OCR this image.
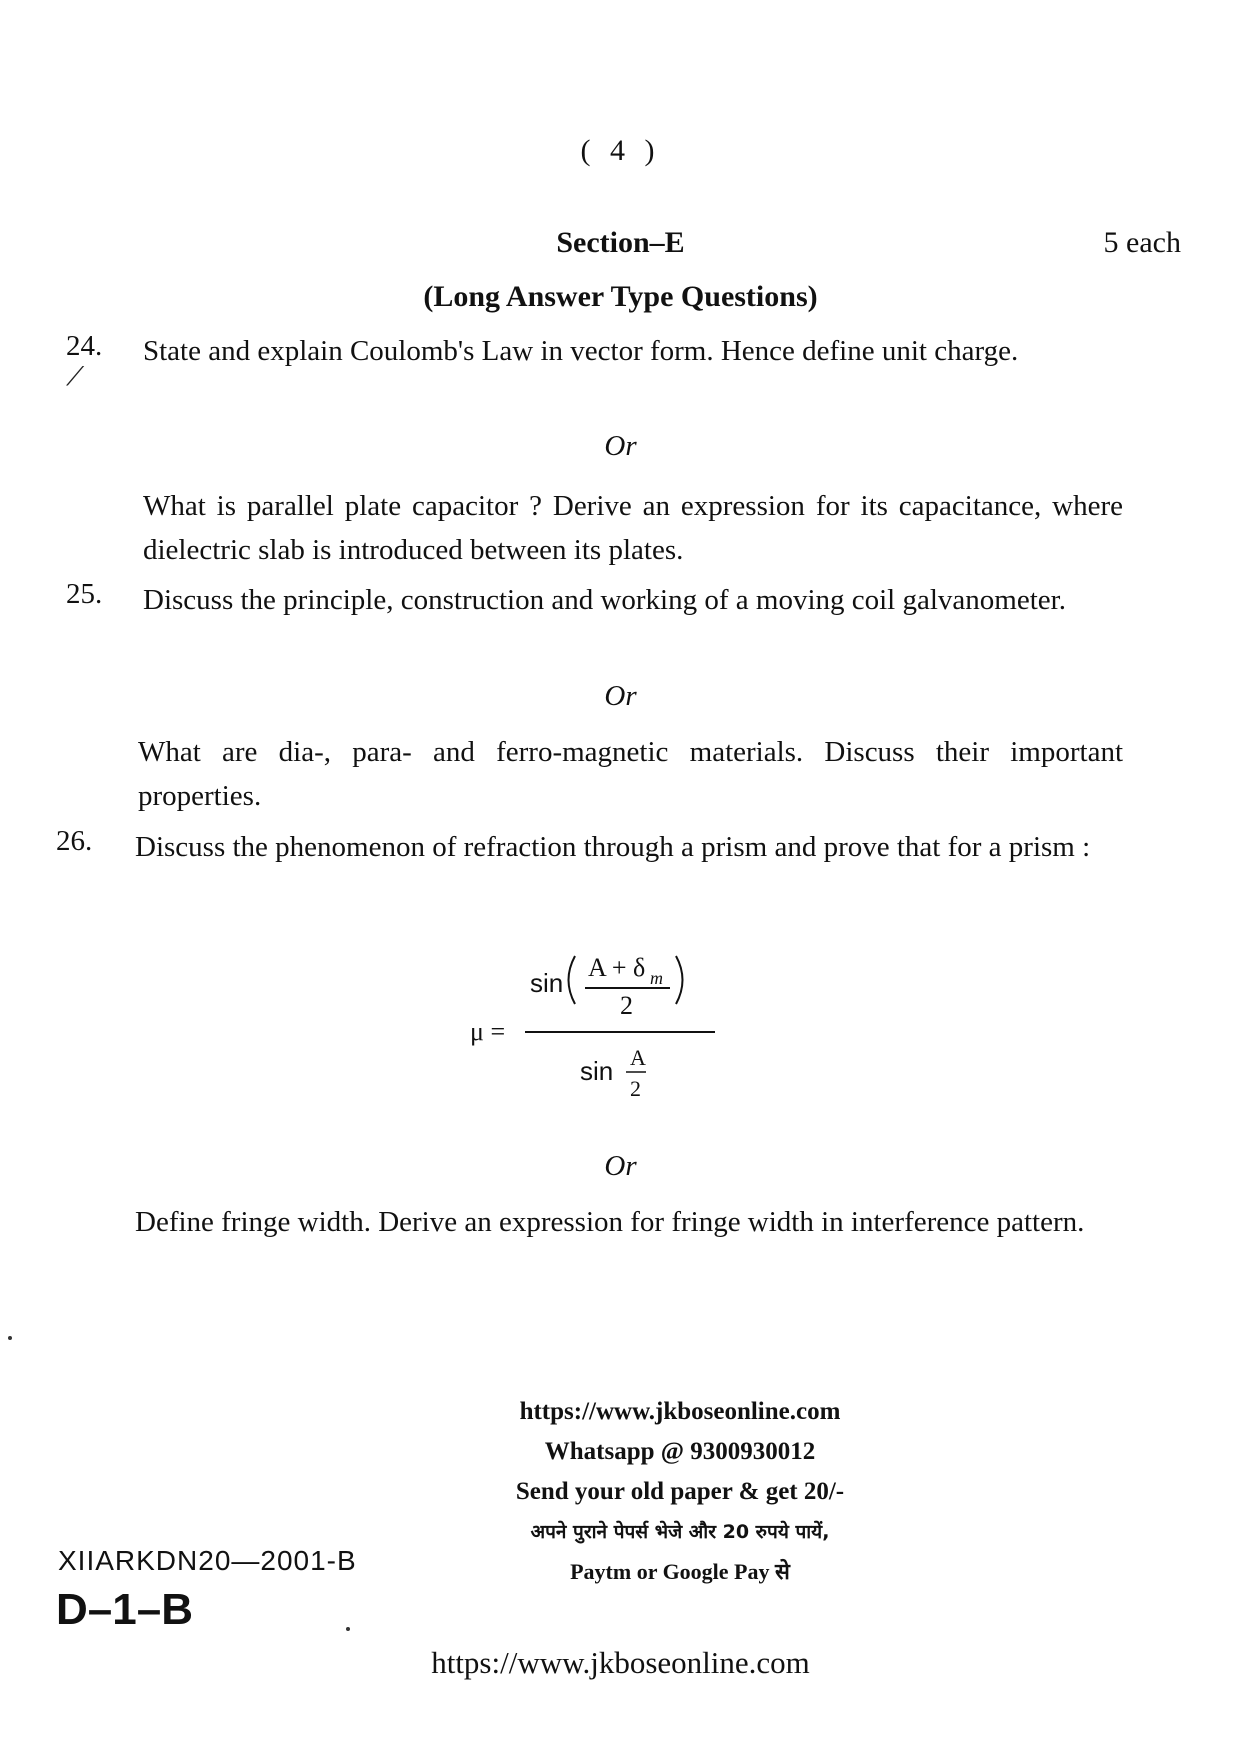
( 4 )
Section–E	5 each
(Long Answer Type Questions)
24.
⟋
State and explain Coulomb's Law in vector form. Hence define unit charge.
Or
What is parallel plate capacitor ? Derive an expression for its capacitance, where dielectric slab is introduced between its plates.
25. Discuss the principle, construction and working of a moving coil galvanometer.
Or
What are dia-, para- and ferro-magnetic materials. Discuss their important properties.
26. Discuss the phenomenon of refraction through a prism and prove that for a prism :
μ =
sin
A + δ m
2
sin A
2
Or
Define fringe width. Derive an expression for fringe width in interference pattern.
https://www.jkboseonline.com
Whatsapp @ 9300930012
Send your old paper & get 20/-
अपने पुराने पेपर्स भेजे और 20 रुपये पायें,
Paytm or Google Pay से
XIIARKDN20—2001-B
D–1–B
https://www.jkboseonline.com
